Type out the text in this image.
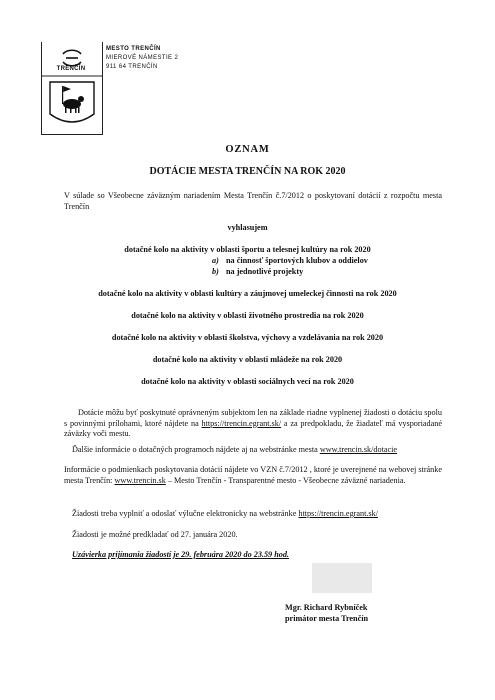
TRENČÍN
MESTO TRENČÍN
MIEROVÉ NÁMESTIE 2
911 64 TRENČÍN
OZNAM
DOTÁCIE MESTA TRENČÍN NA ROK 2020
V súlade so Všeobecne záväzným nariadením Mesta Trenčín č.7/2012 o poskytovaní dotácií z rozpočtu mesta Trenčín
vyhlasujem
dotačné kolo na aktivity v oblasti športu a telesnej kultúry na rok 2020
a) na činnosť športových klubov a oddielov
b) na jednotlivé projekty
dotačné kolo na aktivity v oblasti kultúry a záujmovej umeleckej činnosti na rok 2020
dotačné kolo na aktivity v oblasti životného prostredia na rok 2020
dotačné kolo na aktivity v oblasti školstva, výchovy a vzdelávania na rok 2020
dotačné kolo na aktivity v oblasti mládeže na rok 2020
dotačné kolo na aktivity v oblasti sociálnych vecí na rok 2020
Dotácie môžu byť poskytnuté oprávneným subjektom len na základe riadne vyplnenej žiadosti o dotáciu spolu s povinnými prílohami, ktoré nájdete na https://trencin.egrant.sk/ a za predpokladu, že žiadateľ má vysporiadané záväzky voči mestu.
Ďalšie informácie o dotačných programoch nájdete aj na webstránke mesta www.trencin.sk/dotacie
Informácie o podmienkach poskytovania dotácií nájdete vo VZN č.7/2012 , ktoré je uverejnené na webovej stránke mesta Trenčín: www.trencin.sk – Mesto Trenčín - Transparentné mesto - Všeobecne záväzné nariadenia.
Žiadosti treba vyplniť a odoslať výlučne elektronicky na webstránke https://trencin.egrant.sk/
Žiadosti je možné predkladať od 27. januára 2020.
Uzávierka prijímania žiadostí je 29. februára 2020 do 23.59 hod.
Mgr. Richard Rybníček
primátor mesta Trenčín
